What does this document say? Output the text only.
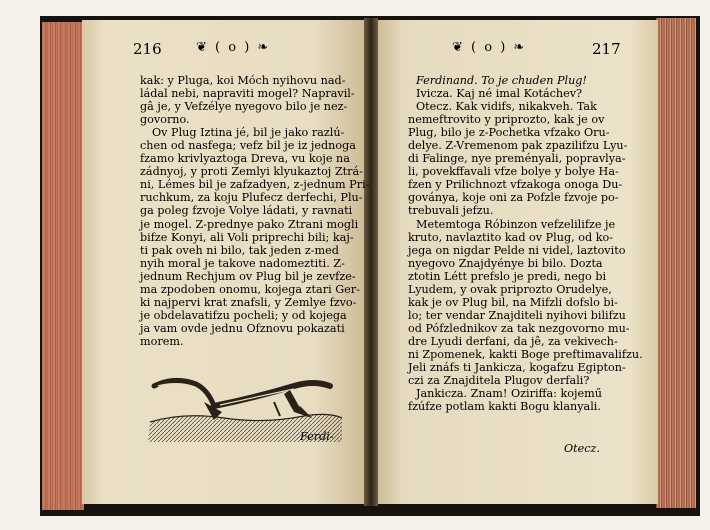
216	❦ ( o ) ❧	❦ ( o ) ❧	217
kak: y Pluga, koi Móch nyihovu nad-
ládal nebi, napraviti mogel? Napravil-
gâ je, y Vefzélye nyegovo bilo je nez-
govorno.
Ov Plug Iztina jé, bil je jako razlú-
chen od nasfega; vefz bil je iz jednoga
fzamo krivlyaztoga Dreva, vu koje na
zádnyoj, y proti Zemlyi klyukaztoj Ztrá-
ni, Lémes bil je zafzadyen, z-jednum Pri-
ruchkum, za koju Plufecz derfechi, Plu-
ga poleg fzvoje Volye ládati, y ravnati
je mogel. Z-prednye pako Ztrani mogli
bifze Konyi, ali Voli priprechi bili; kaj-
ti pak oveh ni bilo, tak jeden z-med
nyih moral je takove nadomeztiti. Z-
jednum Rechjum ov Plug bil je zevfze-
ma zpodoben onomu, kojega ztari Ger-
ki najpervi krat znafsli, y Zemlye fzvo-
je obdelavatifzu pocheli; y od kojega
ja vam ovde jednu Ofznovu pokazati
morem.
Ferdi-
Ferdinand. To je chuden Plug!
Ivicza. Kaj né imal Kotáchev?
Otecz. Kak vidifs, nikakveh. Tak
nemeftrovito y priprozto, kak je ov
Plug, bilo je z-Pochetka vfzako Oru-
delye. Z-Vremenom pak zpazilifzu Lyu-
di Falinge, nye preményali, popravlya-
li, povekffavali vfze bolye y bolye Ha-
fzen y Prilichnozt vfzakoga onoga Du-
goványa, koje oni za Pofzle fzvoje po-
trebuvali jefzu.
Metemtoga Róbinzon vefzelilifze je
kruto, navlaztito kad ov Plug, od ko-
jega on nigdar Pelde ni videl, laztovito
nyegovo Znajdyénye bi bilo. Dozta
ztotin Létt prefslo je predi, nego bi
Lyudem, y ovak priprozto Orudelye,
kak je ov Plug bil, na Mifzli dofslo bi-
lo; ter vendar Znajditeli nyihovi bilifzu
od Pófzlednikov za tak nezgovorno mu-
dre Lyudi derfani, da jê, za vekivech-
ni Zpomenek, kakti Boge preftimavalifzu.
Jeli znáfs ti Jankicza, kogafzu Egipton-
czi za Znajditela Plugov derfali?
Jankicza. Znam! Oziriffa: kojemű
fzúfze potlam kakti Bogu klanyali.
Otecz.
